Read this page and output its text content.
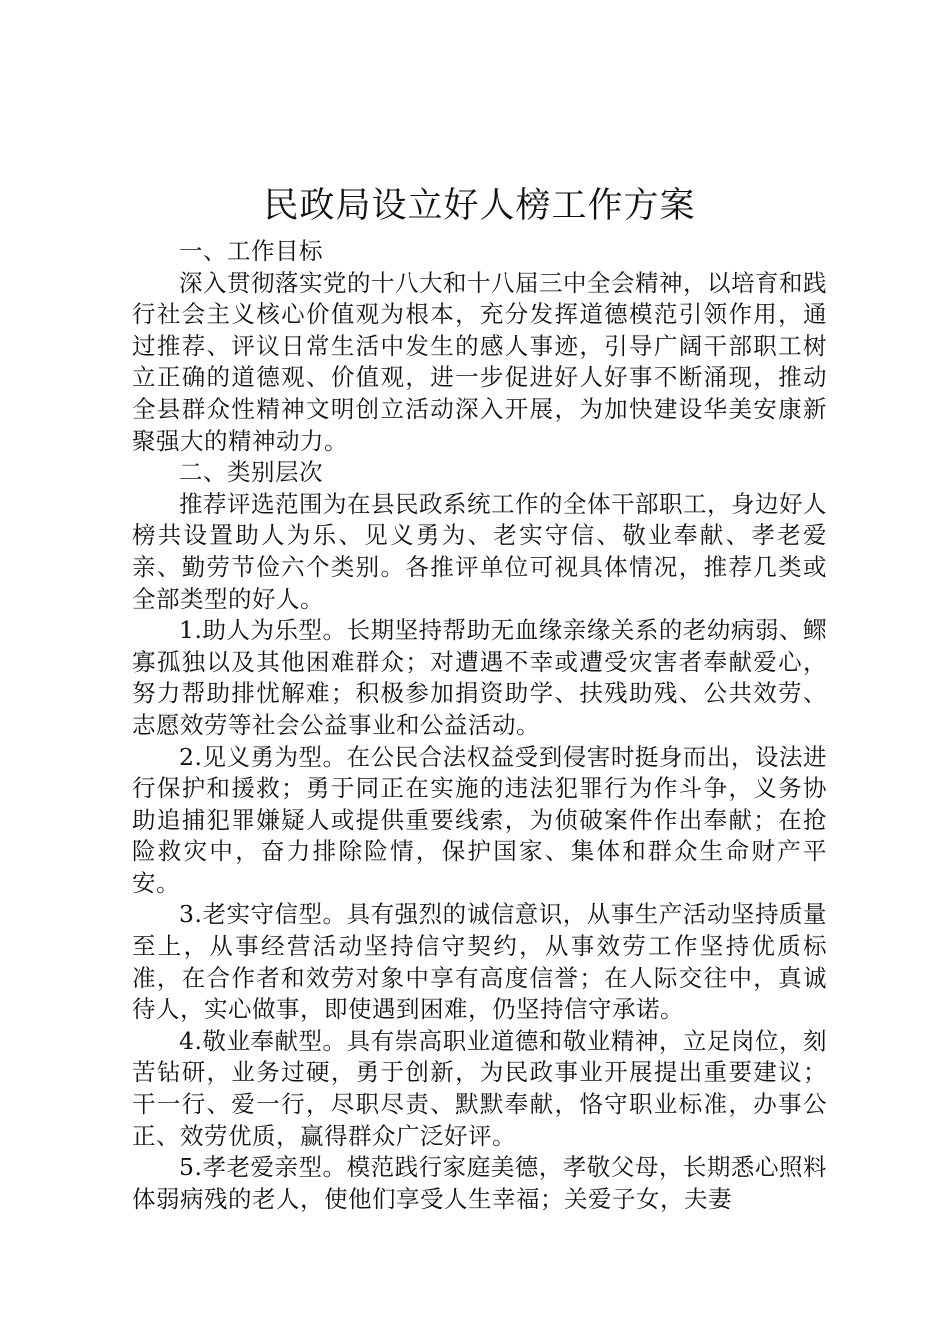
民政局设立好人榜工作方案

一、工作目标

深入贯彻落实党的十八大和十八届三中全会精神，以培育和践行社会主义核心价值观为根本，充分发挥道德模范引领作用，通过推荐、评议日常生活中发生的感人事迹，引导广阔干部职工树立正确的道德观、价值观，进一步促进好人好事不断涌现，推动全县群众性精神文明创立活动深入开展，为加快建设华美安康新聚强大的精神动力。

二、类别层次

推荐评选范围为在县民政系统工作的全体干部职工，身边好人榜共设置助人为乐、见义勇为、老实守信、敬业奉献、孝老爱亲、勤劳节俭六个类别。各推评单位可视具体情况，推荐几类或全部类型的好人。

1.助人为乐型。长期坚持帮助无血缘亲缘关系的老幼病弱、鳏寡孤独以及其他困难群众；对遭遇不幸或遭受灾害者奉献爱心，努力帮助排忧解难；积极参加捐资助学、扶残助残、公共效劳、志愿效劳等社会公益事业和公益活动。

2.见义勇为型。在公民合法权益受到侵害时挺身而出，设法进行保护和援救；勇于同正在实施的违法犯罪行为作斗争，义务协助追捕犯罪嫌疑人或提供重要线索，为侦破案件作出奉献；在抢险救灾中，奋力排除险情，保护国家、集体和群众生命财产平安。

3.老实守信型。具有强烈的诚信意识，从事生产活动坚持质量至上，从事经营活动坚持信守契约，从事效劳工作坚持优质标准，在合作者和效劳对象中享有高度信誉；在人际交往中，真诚待人，实心做事，即使遇到困难，仍坚持信守承诺。

4.敬业奉献型。具有崇高职业道德和敬业精神，立足岗位，刻苦钻研，业务过硬，勇于创新，为民政事业开展提出重要建议；干一行、爱一行，尽职尽责、默默奉献，恪守职业标准，办事公正、效劳优质，赢得群众广泛好评。

5.孝老爱亲型。模范践行家庭美德，孝敬父母，长期悉心照料体弱病残的老人，使他们享受人生幸福；关爱子女，夫妻
